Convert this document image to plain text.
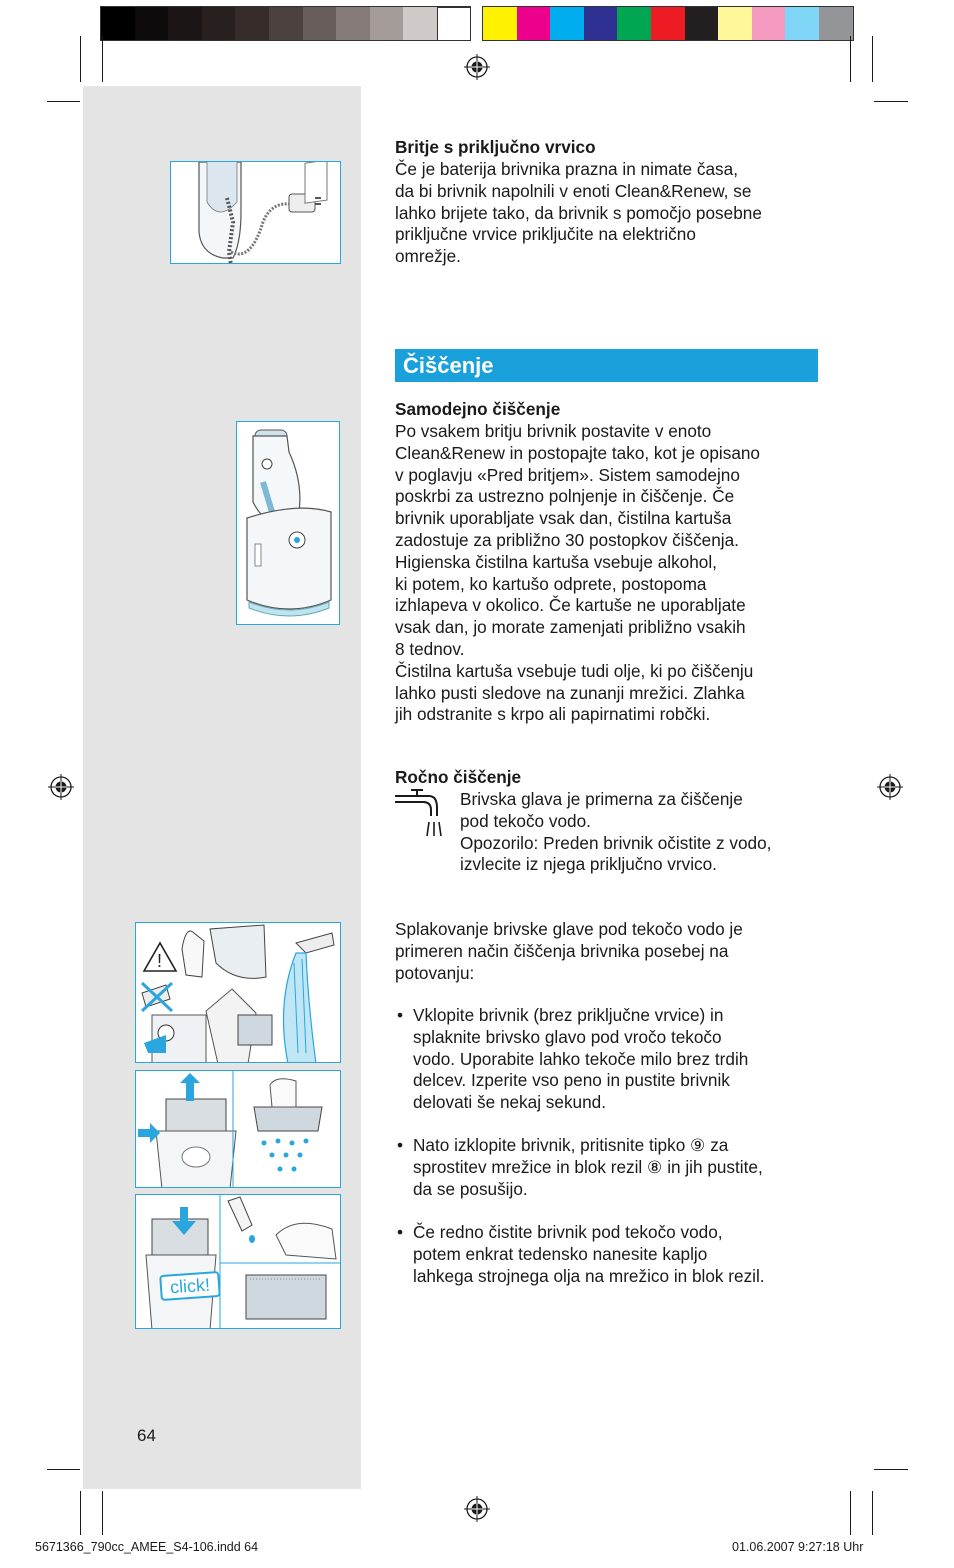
!
click!
Britje s priključno vrvico
Če je baterija brivnika prazna in nimate časa,
da bi brivnik napolnili v enoti Clean&Renew, se
lahko brijete tako, da brivnik s pomočjo posebne
priključne vrvice priključite na električno
omrežje.
Čiščenje
Samodejno čiščenje
Po vsakem britju brivnik postavite v enoto
Clean&Renew in postopajte tako, kot je opisano
v poglavju «Pred britjem». Sistem samodejno
poskrbi za ustrezno polnjenje in čiščenje. Če
brivnik uporabljate vsak dan, čistilna kartuša
zadostuje za približno 30 postopkov čiščenja.
Higienska čistilna kartuša vsebuje alkohol,
ki potem, ko kartušo odprete, postopoma
izhlapeva v okolico. Če kartuše ne uporabljate
vsak dan, jo morate zamenjati približno vsakih
8 tednov.
Čistilna kartuša vsebuje tudi olje, ki po čiščenju
lahko pusti sledove na zunanji mrežici. Zlahka
jih odstranite s krpo ali papirnatimi robčki.
Ročno čiščenje
Brivska glava je primerna za čiščenje
pod tekočo vodo.
Opozorilo: Preden brivnik očistite z vodo,
izvlecite iz njega priključno vrvico.
Splakovanje brivske glave pod tekočo vodo je
primeren način čiščenja brivnika posebej na
potovanju:
• Vklopite brivnik (brez priključne vrvice) in
splaknite brivsko glavo pod vročo tekočo
vodo. Uporabite lahko tekoče milo brez trdih
delcev. Izperite vso peno in pustite brivnik
delovati še nekaj sekund.
• Nato izklopite brivnik, pritisnite tipko ⑨ za
sprostitev mrežice in blok rezil ⑧ in jih pustite,
da se posušijo.
• Če redno čistite brivnik pod tekočo vodo,
potem enkrat tedensko nanesite kapljo
lahkega strojnega olja na mrežico in blok rezil.
64
5671366_790cc_AMEE_S4-106.indd 64	01.06.2007 9:27:18 Uhr
